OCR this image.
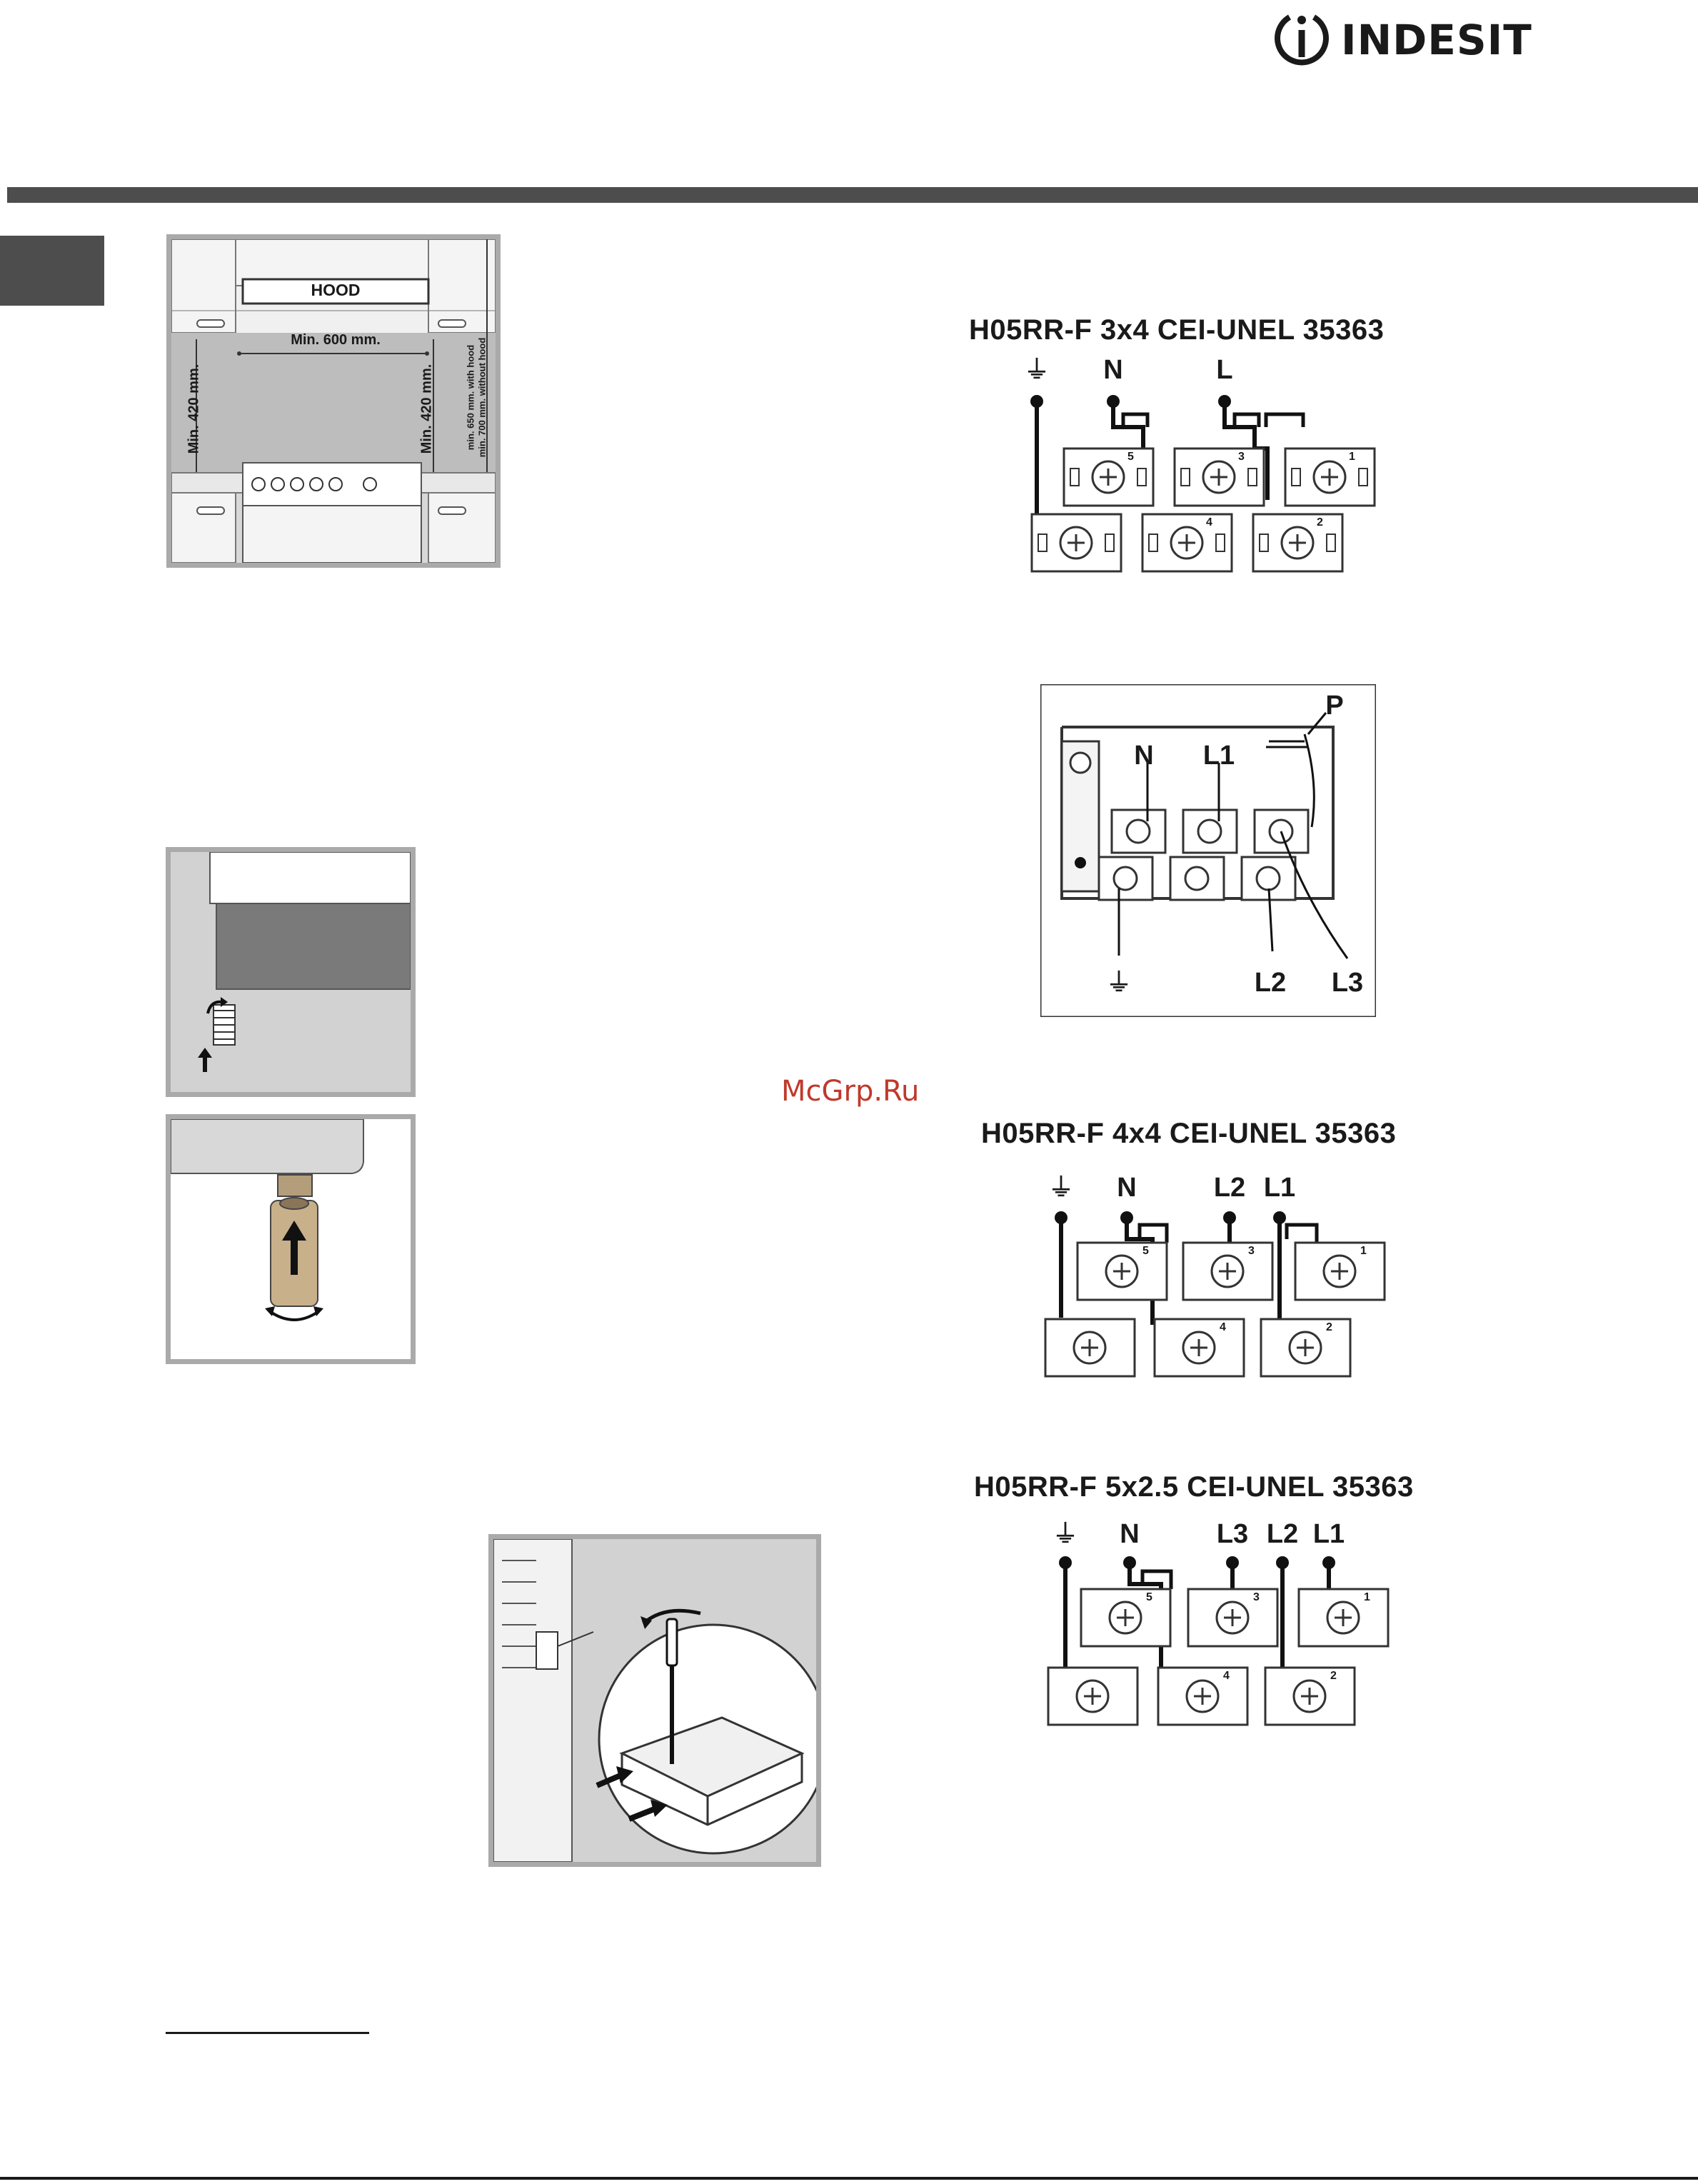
INDESIT
HOOD
Min. 600 mm.
Min. 420 mm.	Min. 420 mm.	min. 650 mm. with hood min. 700 mm. without hood
H05RR-F 3x4 CEI-UNEL 35363
⏚ N	L
5	3	1
4	2
P
N L1
⏚	L2 L3
McGrp.Ru
H05RR-F 4x4 CEI-UNEL 35363
⏚ N	L2 L1
5	3	1
4	2
H05RR-F 5x2.5 CEI-UNEL 35363
⏚ N	L3 L2 L1
5	3	1
4	2
